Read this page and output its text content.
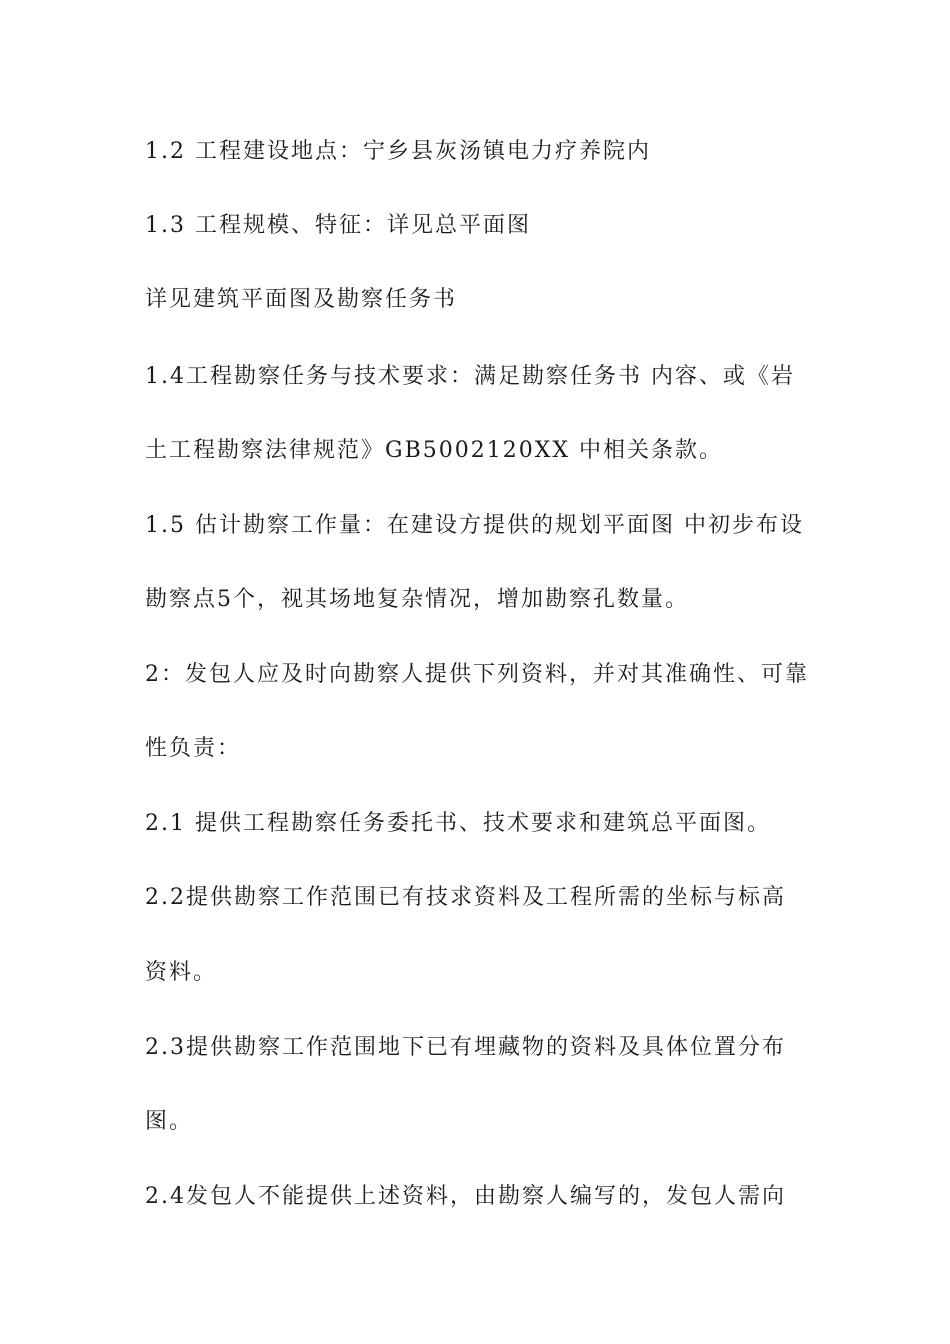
1.2 工程建设地点：宁乡县灰汤镇电力疗养院内
1.3 工程规模、特征：详见总平面图
详见建筑平面图及勘察任务书
1.4工程勘察任务与技术要求：满足勘察任务书 内容、或《岩
土工程勘察法律规范》GB5002120XX 中相关条款。
1.5 估计勘察工作量：在建设方提供的规划平面图 中初步布设
勘察点5个，视其场地复杂情况，增加勘察孔数量。
2：发包人应及时向勘察人提供下列资料，并对其准确性、可靠
性负责：
2.1 提供工程勘察任务委托书、技术要求和建筑总平面图。
2.2提供勘察工作范围已有技求资料及工程所需的坐标与标高
资料。
2.3提供勘察工作范围地下已有埋藏物的资料及具体位置分布
图。
2.4发包人不能提供上述资料，由勘察人编写的，发包人需向
